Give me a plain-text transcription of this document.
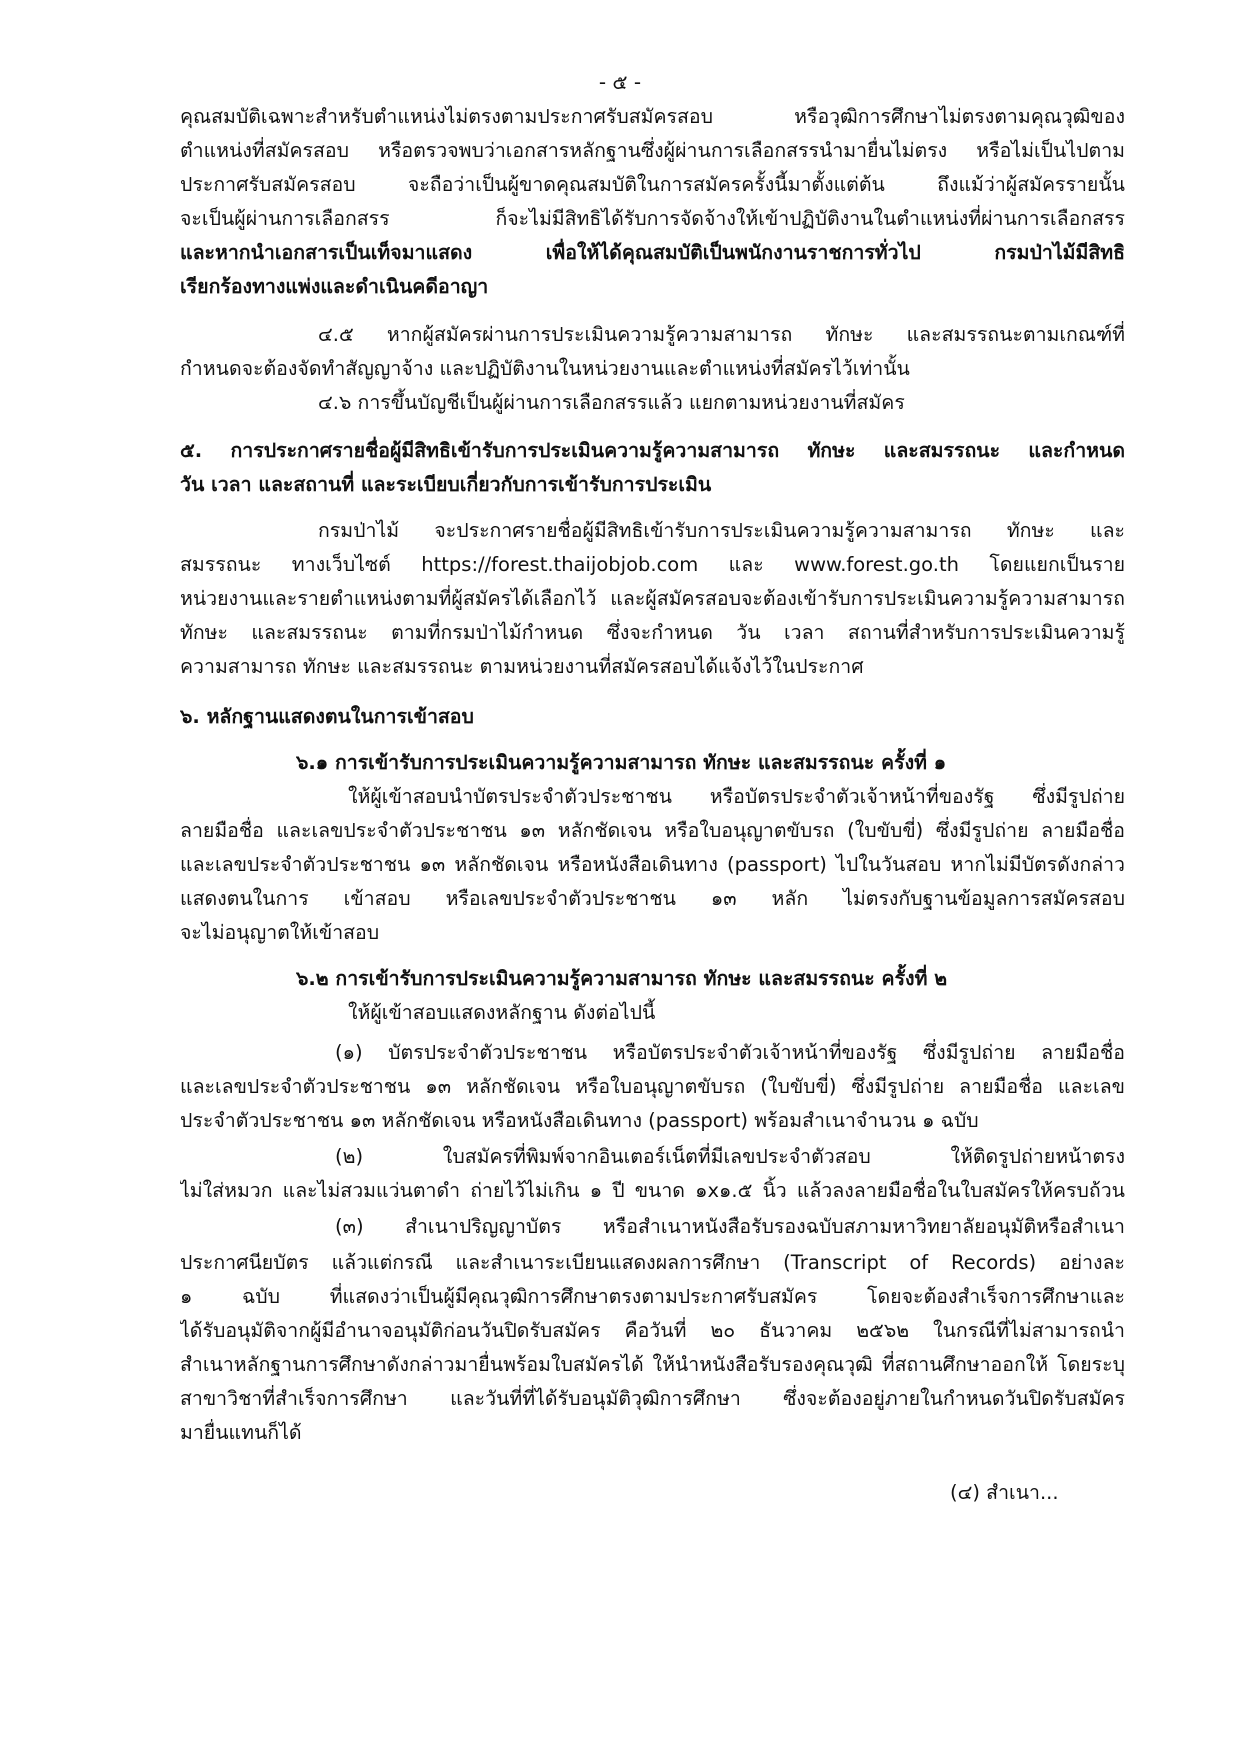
- ๕ -
คุณสมบัติเฉพาะสำหรับตำแหน่งไม่ตรงตามประกาศรับสมัครสอบ หรือวุฒิการศึกษาไม่ตรงตามคุณวุฒิของ
ตำแหน่งที่สมัครสอบ หรือตรวจพบว่าเอกสารหลักฐานซึ่งผู้ผ่านการเลือกสรรนำมายื่นไม่ตรง หรือไม่เป็นไปตาม
ประกาศรับสมัครสอบ จะถือว่าเป็นผู้ขาดคุณสมบัติในการสมัครครั้งนี้มาตั้งแต่ต้น ถึงแม้ว่าผู้สมัครรายนั้น
จะเป็นผู้ผ่านการเลือกสรร ก็จะไม่มีสิทธิได้รับการจัดจ้างให้เข้าปฏิบัติงานในตำแหน่งที่ผ่านการเลือกสรร
และหากนำเอกสารเป็นเท็จมาแสดง เพื่อให้ได้คุณสมบัติเป็นพนักงานราชการทั่วไป กรมป่าไม้มีสิทธิ
เรียกร้องทางแพ่งและดำเนินคดีอาญา
๔.๕ หากผู้สมัครผ่านการประเมินความรู้ความสามารถ ทักษะ และสมรรถนะตามเกณฑ์ที่
กำหนดจะต้องจัดทำสัญญาจ้าง และปฏิบัติงานในหน่วยงานและตำแหน่งที่สมัครไว้เท่านั้น
๔.๖ การขึ้นบัญชีเป็นผู้ผ่านการเลือกสรรแล้ว แยกตามหน่วยงานที่สมัคร
๕. การประกาศรายชื่อผู้มีสิทธิเข้ารับการประเมินความรู้ความสามารถ ทักษะ และสมรรถนะ และกำหนด
วัน เวลา และสถานที่ และระเบียบเกี่ยวกับการเข้ารับการประเมิน
กรมป่าไม้ จะประกาศรายชื่อผู้มีสิทธิเข้ารับการประเมินความรู้ความสามารถ ทักษะ และ
สมรรถนะ ทางเว็บไซต์ https://forest.thaijobjob.com และ www.forest.go.th โดยแยกเป็นราย
หน่วยงานและรายตำแหน่งตามที่ผู้สมัครได้เลือกไว้ และผู้สมัครสอบจะต้องเข้ารับการประเมินความรู้ความสามารถ
ทักษะ และสมรรถนะ ตามที่กรมป่าไม้กำหนด ซึ่งจะกำหนด วัน เวลา สถานที่สำหรับการประเมินความรู้
ความสามารถ ทักษะ และสมรรถนะ ตามหน่วยงานที่สมัครสอบได้แจ้งไว้ในประกาศ
๖. หลักฐานแสดงตนในการเข้าสอบ
๖.๑ การเข้ารับการประเมินความรู้ความสามารถ ทักษะ และสมรรถนะ ครั้งที่ ๑
ให้ผู้เข้าสอบนำบัตรประจำตัวประชาชน หรือบัตรประจำตัวเจ้าหน้าที่ของรัฐ ซึ่งมีรูปถ่าย
ลายมือชื่อ และเลขประจำตัวประชาชน ๑๓ หลักชัดเจน หรือใบอนุญาตขับรถ (ใบขับขี่) ซึ่งมีรูปถ่าย ลายมือชื่อ
และเลขประจำตัวประชาชน ๑๓ หลักชัดเจน หรือหนังสือเดินทาง (passport) ไปในวันสอบ หากไม่มีบัตรดังกล่าว
แสดงตนในการ เข้าสอบ หรือเลขประจำตัวประชาชน ๑๓ หลัก ไม่ตรงกับฐานข้อมูลการสมัครสอบ
จะไม่อนุญาตให้เข้าสอบ
๖.๒ การเข้ารับการประเมินความรู้ความสามารถ ทักษะ และสมรรถนะ ครั้งที่ ๒
ให้ผู้เข้าสอบแสดงหลักฐาน ดังต่อไปนี้
(๑) บัตรประจำตัวประชาชน หรือบัตรประจำตัวเจ้าหน้าที่ของรัฐ ซึ่งมีรูปถ่าย ลายมือชื่อ
และเลขประจำตัวประชาชน ๑๓ หลักชัดเจน หรือใบอนุญาตขับรถ (ใบขับขี่) ซึ่งมีรูปถ่าย ลายมือชื่อ และเลข
ประจำตัวประชาชน ๑๓ หลักชัดเจน หรือหนังสือเดินทาง (passport) พร้อมสำเนาจำนวน ๑ ฉบับ
(๒) ใบสมัครที่พิมพ์จากอินเตอร์เน็ตที่มีเลขประจำตัวสอบ ให้ติดรูปถ่ายหน้าตรง
ไม่ใส่หมวก และไม่สวมแว่นตาดำ ถ่ายไว้ไม่เกิน ๑ ปี ขนาด ๑x๑.๕ นิ้ว แล้วลงลายมือชื่อในใบสมัครให้ครบถ้วน
(๓) สำเนาปริญญาบัตร หรือสำเนาหนังสือรับรองฉบับสภามหาวิทยาลัยอนุมัติหรือสำเนา
ประกาศนียบัตร แล้วแต่กรณี และสำเนาระเบียนแสดงผลการศึกษา (Transcript of Records) อย่างละ
๑ ฉบับ ที่แสดงว่าเป็นผู้มีคุณวุฒิการศึกษาตรงตามประกาศรับสมัคร โดยจะต้องสำเร็จการศึกษาและ
ได้รับอนุมัติจากผู้มีอำนาจอนุมัติก่อนวันปิดรับสมัคร คือวันที่ ๒๐ ธันวาคม ๒๕๖๒ ในกรณีที่ไม่สามารถนำ
สำเนาหลักฐานการศึกษาดังกล่าวมายื่นพร้อมใบสมัครได้ ให้นำหนังสือรับรองคุณวุฒิ ที่สถานศึกษาออกให้ โดยระบุ
สาขาวิชาที่สำเร็จการศึกษา และวันที่ที่ได้รับอนุมัติวุฒิการศึกษา ซึ่งจะต้องอยู่ภายในกำหนดวันปิดรับสมัคร
มายื่นแทนก็ได้
(๔) สำเนา...
